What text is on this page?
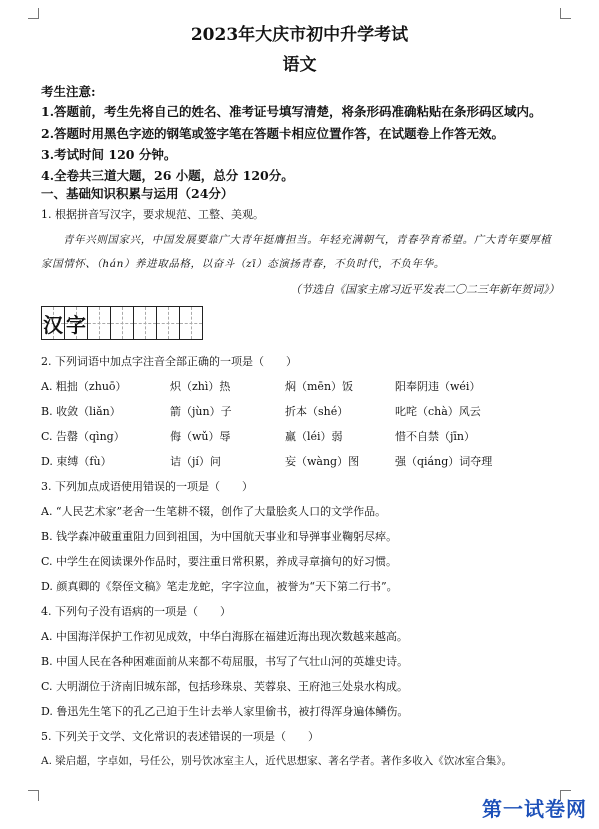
2023年大庆市初中升学考试
语文
考生注意:
1.答题前，考生先将自己的姓名、准考证号填写清楚，将条形码准确粘贴在条形码区域内。
2.答题时用黑色字迹的钢笔或签字笔在答题卡相应位置作答，在试题卷上作答无效。
3.考试时间 120 分钟。
4.全卷共三道大题，26 小题，总分 120分。
一、基础知识积累与运用（24分）
1. 根据拼音写汉字，要求规范、工整、美观。
青年兴则国家兴，中国发展要靠广大青年挺膺担当。年轻充满朝气，青春孕育希望。广大青年要厚植
家国情怀、（hán）养进取品格，以奋斗（zī）态演扬青春，不负时代，不负年华。
（节选自《国家主席习近平发表二〇二三年新年贺词》）
汉 字
2. 下列词语中加点字注音全部正确的一项是（　　）
A. 粗拙（zhuō）	炽（zhì）热	焖（mēn）饭	阳奉阴违（wéi）
B. 收敛（liǎn）	箭（jùn）子	折本（shé）	叱咤（chà）风云
C. 告罄（qìng）	侮（wǔ）辱	羸（léi）弱	惜不自禁（jīn）
D. 束缚（fù）	诘（jí）问	妄（wàng）图	强（qiáng）词夺理
3. 下列加点成语使用错误的一项是（　　）
A. “人民艺术家”老舍一生笔耕不辍，创作了大量脍炙人口的文学作品。
B. 钱学森冲破重重阻力回到祖国，为中国航天事业和导弹事业鞠躬尽瘁。
C. 中学生在阅读课外作品时，要注重日常积累，养成寻章摘句的好习惯。
D. 颜真卿的《祭侄文稿》笔走龙蛇，字字泣血，被誉为“天下第二行书”。
4. 下列句子没有语病的一项是（　　）
A. 中国海洋保护工作初见成效，中华白海豚在福建近海出现次数越来越高。
B. 中国人民在各种困难面前从来都不苟屈服，书写了气壮山河的英雄史诗。
C. 大明湖位于济南旧城东部，包括珍珠泉、芙蓉泉、王府池三处泉水构成。
D. 鲁迅先生笔下的孔乙己迫于生计去举人家里偷书，被打得浑身遍体鳞伤。
5. 下列关于文学、文化常识的表述错误的一项是（　　）
A. 梁启超，字卓如，号任公，别号饮冰室主人，近代思想家、著名学者。著作多收入《饮冰室合集》。
第一试卷网
